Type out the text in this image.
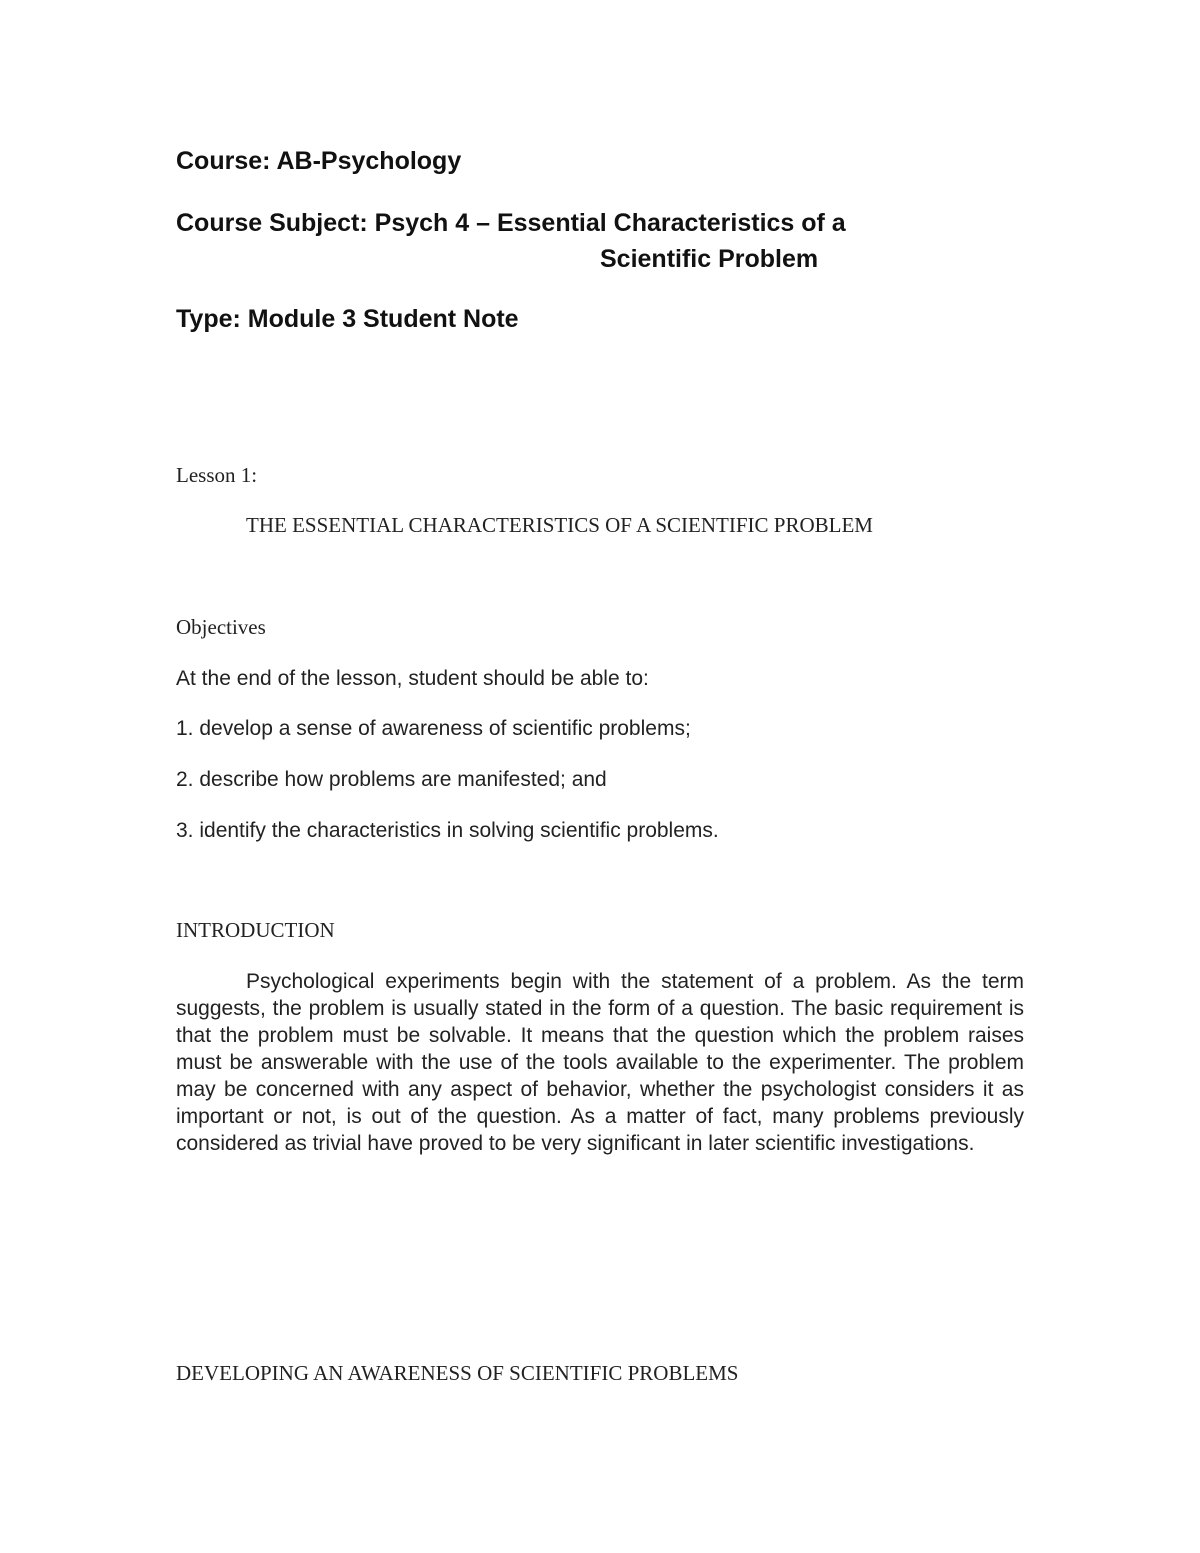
Course: AB-Psychology
Course Subject: Psych 4 – Essential Characteristics of a
Scientific Problem
Type: Module 3 Student Note
Lesson 1:
THE ESSENTIAL CHARACTERISTICS OF A SCIENTIFIC PROBLEM
Objectives
At the end of the lesson, student should be able to:
1. develop a sense of awareness of scientific problems;
2. describe how problems are manifested; and
3. identify the characteristics in solving scientific problems.
INTRODUCTION

Psychological experiments begin with the statement of a problem. As the term suggests, the problem is usually stated in the form of a question. The basic requirement is that the problem must be solvable. It means that the question which the problem raises must be answerable with the use of the tools available to the experimenter. The problem may be concerned with any aspect of behavior, whether the psychologist considers it as important or not, is out of the question. As a matter of fact, many problems previously considered as trivial have proved to be very significant in later scientific investigations.

DEVELOPING AN AWARENESS OF SCIENTIFIC PROBLEMS
